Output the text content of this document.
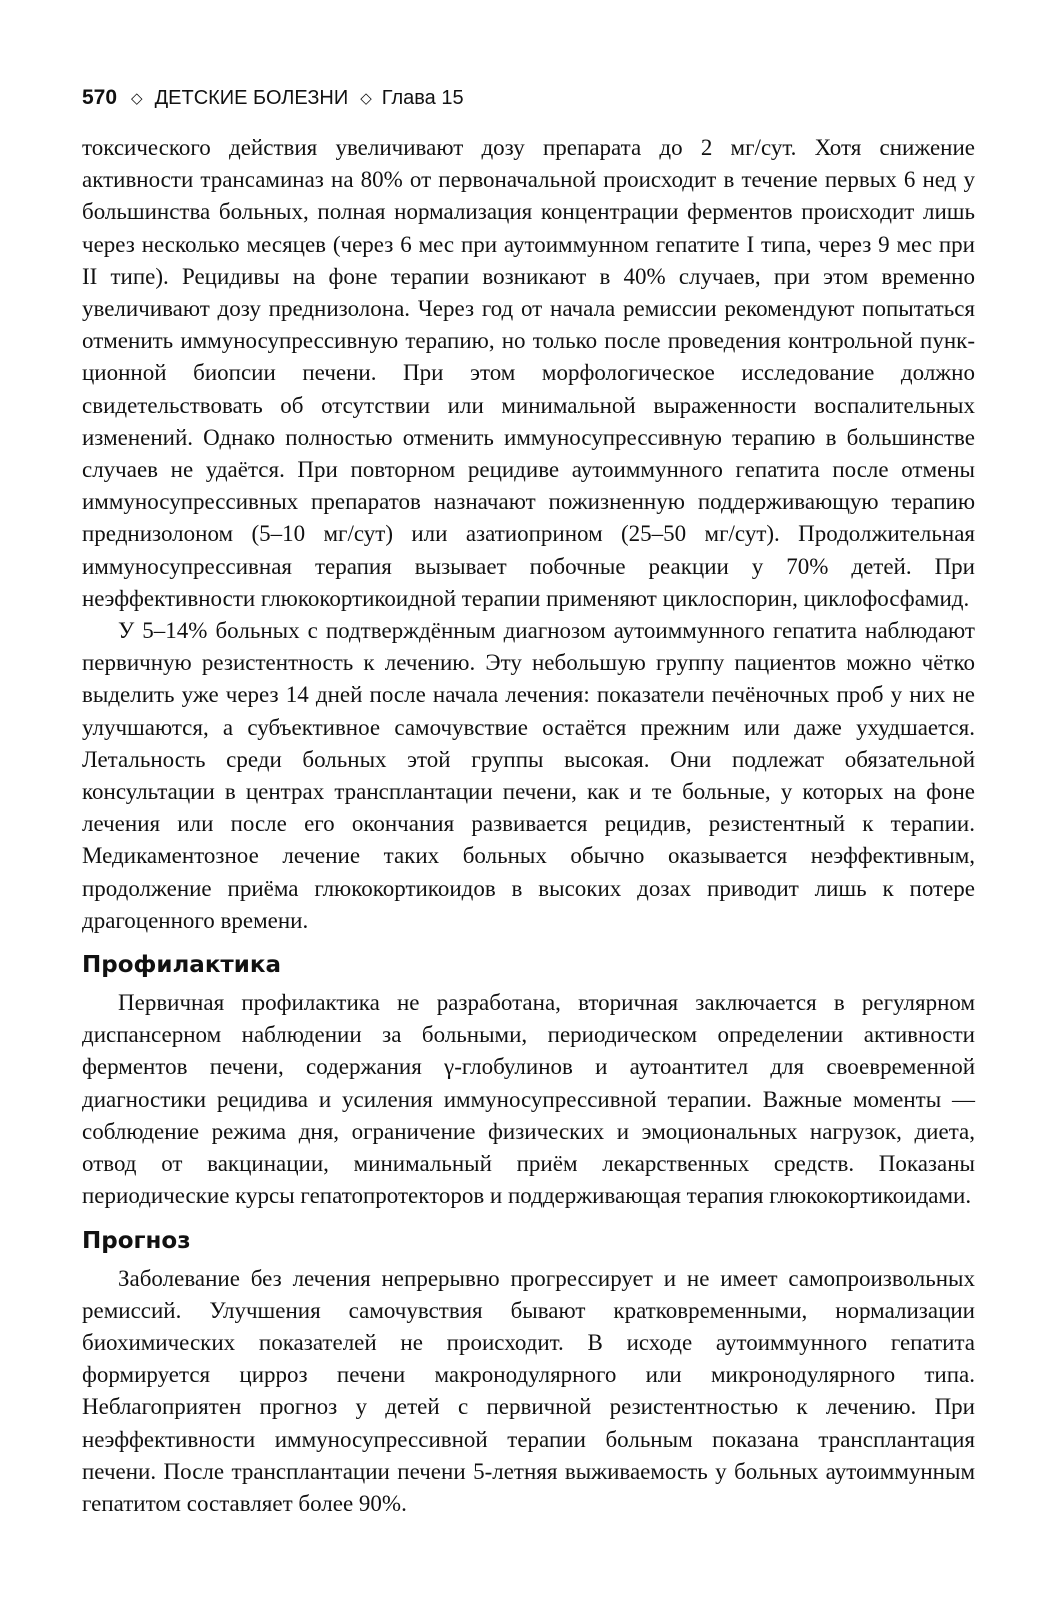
570 ◇ ДЕТСКИЕ БОЛЕЗНИ ◇ Глава 15

токсического действия увеличивают дозу препарата до 2 мг/сут. Хотя снижение активности трансаминаз на 80% от первоначальной происходит в течение первых 6 нед у большинства больных, полная нормализация концентрации ферментов происходит лишь через несколько месяцев (через 6 мес при аутоиммунном гепатите I типа, через 9 мес при II типе). Рецидивы на фоне терапии возникают в 40% случаев, при этом временно увеличивают дозу преднизолона. Через год от начала ремиссии рекомендуют попытаться отменить иммуносупрессивную терапию, но только после проведения контрольной пункционной биопсии печени. При этом морфологическое исследование должно свидетельствовать об отсутствии или минимальной выраженности воспалительных изменений. Однако полностью отменить иммуносупрессивную терапию в большинстве случаев не удаётся. При повторном рецидиве аутоиммунного гепатита после отмены иммуносупрессивных препаратов назначают пожизненную поддерживающую терапию преднизолоном (5–10 мг/сут) или азатиоприном (25–50 мг/сут). Продолжительная иммуносупрессивная терапия вызывает побочные реакции у 70% детей. При неэффективности глюкокортикоидной терапии применяют циклоспорин, циклофосфамид.

У 5–14% больных с подтверждённым диагнозом аутоиммунного гепатита наблюдают первичную резистентность к лечению. Эту небольшую группу пациентов можно чётко выделить уже через 14 дней после начала лечения: показатели печёночных проб у них не улучшаются, а субъективное самочувствие остаётся прежним или даже ухудшается. Летальность среди больных этой группы высокая. Они подлежат обязательной консультации в центрах трансплантации печени, как и те больные, у которых на фоне лечения или после его окончания развивается рецидив, резистентный к терапии. Медикаментозное лечение таких больных обычно оказывается неэффективным, продолжение приёма глюкокортикоидов в высоких дозах приводит лишь к потере драгоценного времени.

Профилактика

Первичная профилактика не разработана, вторичная заключается в регулярном диспансерном наблюдении за больными, периодическом определении активности ферментов печени, содержания γ-глобулинов и аутоантител для своевременной диагностики рецидива и усиления иммуносупрессивной терапии. Важные моменты — соблюдение режима дня, ограничение физических и эмоциональных нагрузок, диета, отвод от вакцинации, минимальный приём лекарственных средств. Показаны периодические курсы гепатопротекторов и поддерживающая терапия глюкокортикоидами.

Прогноз

Заболевание без лечения непрерывно прогрессирует и не имеет самопроизвольных ремиссий. Улучшения самочувствия бывают кратковременными, нормализации биохимических показателей не происходит. В исходе аутоиммунного гепатита формируется цирроз печени макронодулярного или микронодулярного типа. Неблагоприятен прогноз у детей с первичной резистентностью к лечению. При неэффективности иммуносупрессивной терапии больным показана трансплантация печени. После трансплантации печени 5-летняя выживаемость у больных аутоиммунным гепатитом составляет более 90%.
